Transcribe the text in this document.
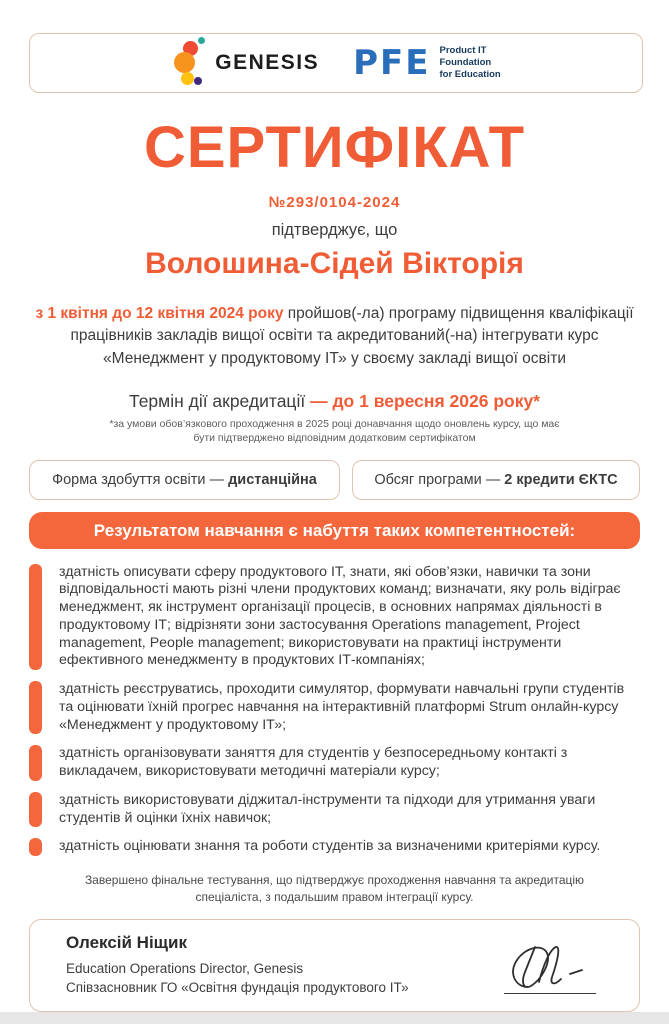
GENESIS PFE Product IT
Foundation
for Education
СЕРТИФІКАТ
№293/0104-2024
підтверджує, що
Волошина-Сідей Вікторія

з 1 квітня до 12 квітня 2024 року пройшов(-ла) програму підвищення кваліфікації працівників закладів вищої освіти та акредитований(-на) інтегрувати курс «Менеджмент у продуктовому ІТ» у своєму закладі вищої освіти

Термін дії акредитації — до 1 вересня 2026 року*
*за умови обов’язкового проходження в 2025 році донавчання щодо оновлень курсу, що має бути підтверджено відповідним додатковим сертифікатом
Форма здобуття освіти — дистанційна	Обсяг програми — 2 кредити ЄКТС
Результатом навчання є набуття таких компетентностей:
здатність описувати сферу продуктового ІТ, знати, які обов’язки, навички та зони відповідальності мають різні члени продуктових команд; визначати, яку роль відіграє менеджмент, як інструмент організації процесів, в основних напрямах діяльності в продуктовому ІТ; відрізняти зони застосування Operations management, Project management, People management; використовувати на практиці інструменти ефективного менеджменту в продуктових ІТ-компаніях;
здатність реєструватись, проходити симулятор, формувати навчальні групи студентів та оцінювати їхній прогрес навчання на інтерактивній платформі Strum онлайн-курсу «Менеджмент у продуктовому ІТ»;
здатність організовувати заняття для студентів у безпосередньому контакті з викладачем, використовувати методичні матеріали курсу;
здатність використовувати діджитал-інструменти та підходи для утримання уваги студентів й оцінки їхніх навичок;
здатність оцінювати знання та роботи студентів за визначеними критеріями курсу.
Завершено фінальне тестування, що підтверджує проходження навчання та акредитацію спеціаліста, з подальшим правом інтеграції курсу.
Олексій Ніщик
Education Operations Director, Genesis
Співзасновник ГО «Освітня фундація продуктового ІТ»
